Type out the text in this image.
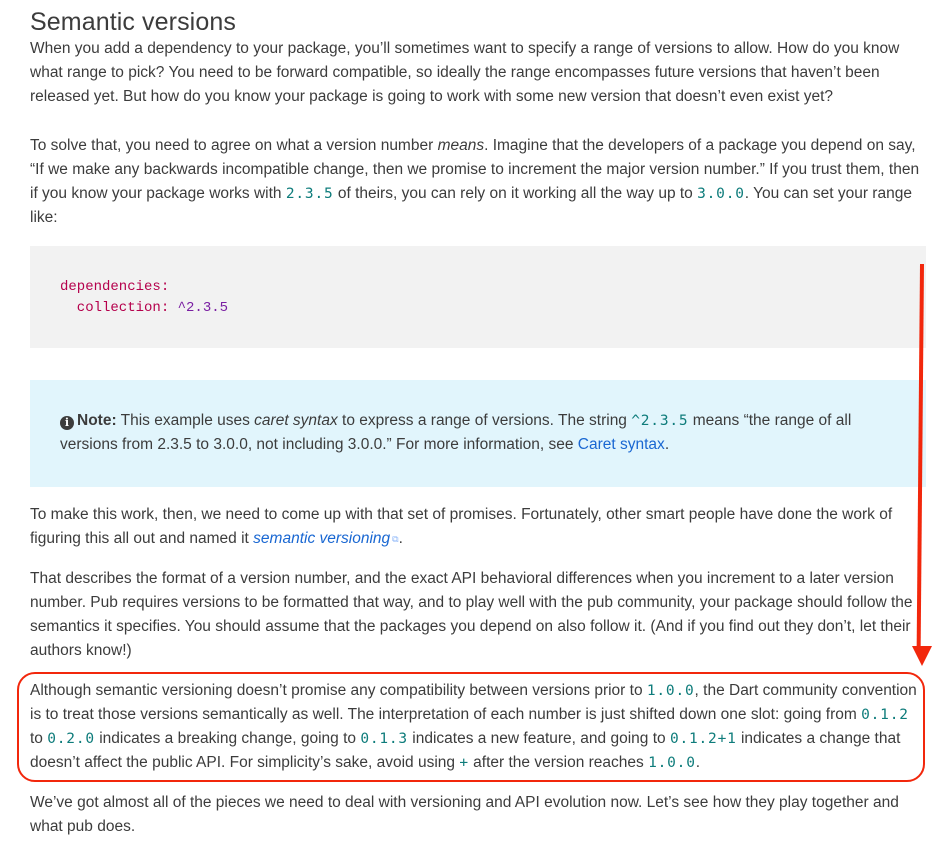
Semantic versions

When you add a dependency to your package, you’ll sometimes want to specify a range of versions to allow. How do you know what range to pick? You need to be forward compatible, so ideally the range encompasses future versions that haven’t been released yet. But how do you know your package is going to work with some new version that doesn’t even exist yet?

To solve that, you need to agree on what a version number means. Imagine that the developers of a package you depend on say, “If we make any backwards incompatible change, then we promise to increment the major version number.” If you trust them, then if you know your package works with 2.3.5 of theirs, you can rely on it working all the way up to 3.0.0. You can set your range like:

dependencies:
collection: ^2.3.5

i Note: This example uses caret syntax to express a range of versions. The string ^2.3.5 means “the range of all versions from 2.3.5 to 3.0.0, not including 3.0.0.” For more information, see Caret syntax.

To make this work, then, we need to come up with that set of promises. Fortunately, other smart people have done the work of figuring this all out and named it semantic versioning ⧉.

That describes the format of a version number, and the exact API behavioral differences when you increment to a later version number. Pub requires versions to be formatted that way, and to play well with the pub community, your package should follow the semantics it specifies. You should assume that the packages you depend on also follow it. (And if you find out they don’t, let their authors know!)

Although semantic versioning doesn’t promise any compatibility between versions prior to 1.0.0, the Dart community convention is to treat those versions semantically as well. The interpretation of each number is just shifted down one slot: going from 0.1.2 to 0.2.0 indicates a breaking change, going to 0.1.3 indicates a new feature, and going to 0.1.2+1 indicates a change that doesn’t affect the public API. For simplicity’s sake, avoid using + after the version reaches 1.0.0.

We’ve got almost all of the pieces we need to deal with versioning and API evolution now. Let’s see how they play together and what pub does.
